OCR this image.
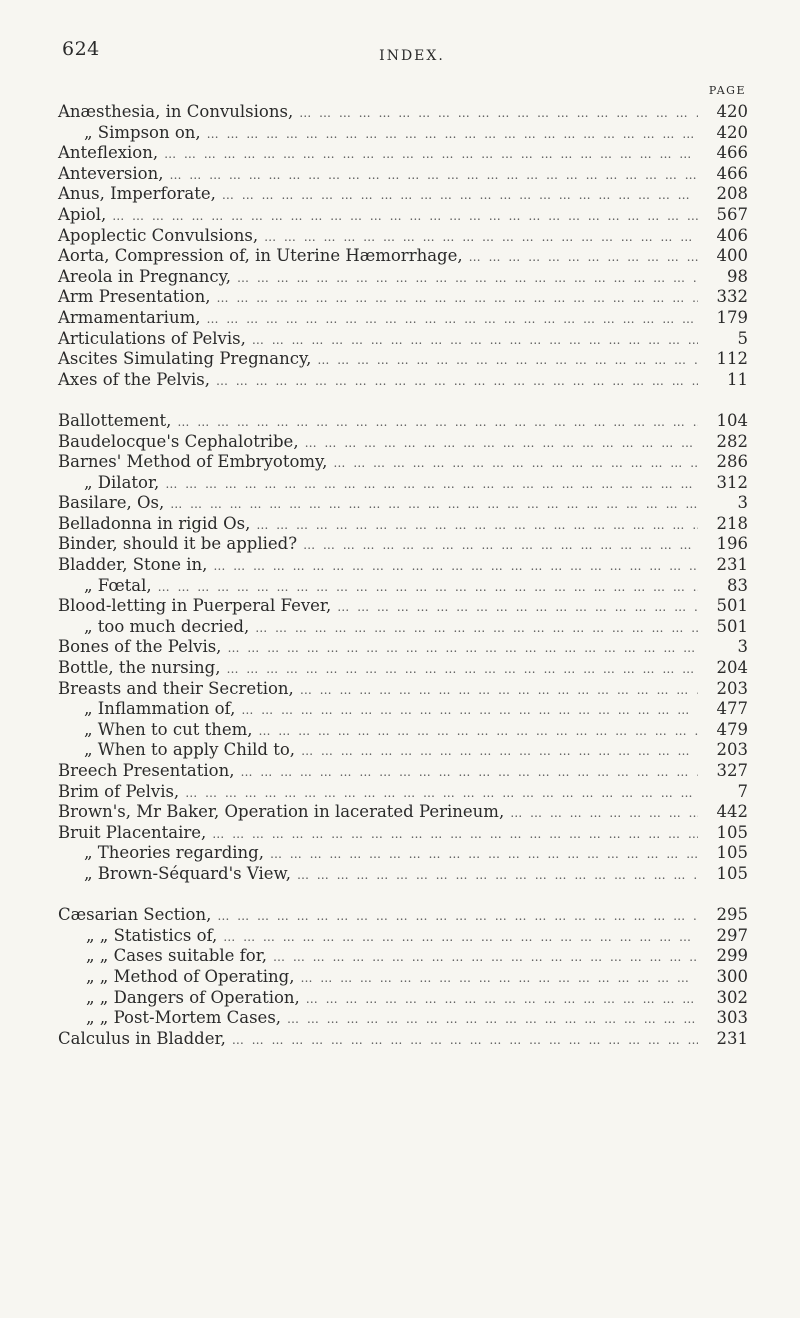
624	INDEX.
PAGE
Anæsthesia, in Convulsions, … … … … … … … … … … … … … … … … … … … … … … … … … … … … … … … … … … … … … … … … … … …	420
„ Simpson on, … … … … … … … … … … … … … … … … … … … … … … … … … … … … … … … … … … … … … … … … … … …	420
Anteflexion, … … … … … … … … … … … … … … … … … … … … … … … … … … … … … … … … … … … … … … … … … … …	466
Anteversion, … … … … … … … … … … … … … … … … … … … … … … … … … … … … … … … … … … … … … … … … … … …	466
Anus, Imperforate, … … … … … … … … … … … … … … … … … … … … … … … … … … … … … … … … … … … … … … … … … … …	208
Apiol, … … … … … … … … … … … … … … … … … … … … … … … … … … … … … … … … … … … … … … … … … … …	567
Apoplectic Convulsions, … … … … … … … … … … … … … … … … … … … … … … … … … … … … … … … … … … … … … … … … … … …	406
Aorta, Compression of, in Uterine Hæmorrhage, … … … … … … … … … … … … … … … … … … … … … … … … … … … … … … … … … … … … … … … … … … …	400
Areola in Pregnancy, … … … … … … … … … … … … … … … … … … … … … … … … … … … … … … … … … … … … … … … … … … …	98
Arm Presentation, … … … … … … … … … … … … … … … … … … … … … … … … … … … … … … … … … … … … … … … … … … …	332
Armamentarium, … … … … … … … … … … … … … … … … … … … … … … … … … … … … … … … … … … … … … … … … … … …	179
Articulations of Pelvis, … … … … … … … … … … … … … … … … … … … … … … … … … … … … … … … … … … … … … … … … … … …	5
Ascites Simulating Pregnancy, … … … … … … … … … … … … … … … … … … … … … … … … … … … … … … … … … … … … … … … … … … …	112
Axes of the Pelvis, … … … … … … … … … … … … … … … … … … … … … … … … … … … … … … … … … … … … … … … … … … …	11
Ballottement, … … … … … … … … … … … … … … … … … … … … … … … … … … … … … … … … … … … … … … … … … … …	104
Baudelocque's Cephalotribe, … … … … … … … … … … … … … … … … … … … … … … … … … … … … … … … … … … … … … … … … … … …	282
Barnes' Method of Embryotomy, … … … … … … … … … … … … … … … … … … … … … … … … … … … … … … … … … … … … … … … … … … …	286
„ Dilator, … … … … … … … … … … … … … … … … … … … … … … … … … … … … … … … … … … … … … … … … … … …	312
Basilare, Os, … … … … … … … … … … … … … … … … … … … … … … … … … … … … … … … … … … … … … … … … … … …	3
Belladonna in rigid Os, … … … … … … … … … … … … … … … … … … … … … … … … … … … … … … … … … … … … … … … … … … …	218
Binder, should it be applied? … … … … … … … … … … … … … … … … … … … … … … … … … … … … … … … … … … … … … … … … … … …	196
Bladder, Stone in, … … … … … … … … … … … … … … … … … … … … … … … … … … … … … … … … … … … … … … … … … … …	231
„ Fœtal, … … … … … … … … … … … … … … … … … … … … … … … … … … … … … … … … … … … … … … … … … … …	83
Blood-letting in Puerperal Fever, … … … … … … … … … … … … … … … … … … … … … … … … … … … … … … … … … … … … … … … … … … …	501
„ too much decried, … … … … … … … … … … … … … … … … … … … … … … … … … … … … … … … … … … … … … … … … … … …	501
Bones of the Pelvis, … … … … … … … … … … … … … … … … … … … … … … … … … … … … … … … … … … … … … … … … … … …	3
Bottle, the nursing, … … … … … … … … … … … … … … … … … … … … … … … … … … … … … … … … … … … … … … … … … … …	204
Breasts and their Secretion, … … … … … … … … … … … … … … … … … … … … … … … … … … … … … … … … … … … … … … … … … … …	203
„ Inflammation of, … … … … … … … … … … … … … … … … … … … … … … … … … … … … … … … … … … … … … … … … … … …	477
„ When to cut them, … … … … … … … … … … … … … … … … … … … … … … … … … … … … … … … … … … … … … … … … … … …	479
„ When to apply Child to, … … … … … … … … … … … … … … … … … … … … … … … … … … … … … … … … … … … … … … … … … … …	203
Breech Presentation, … … … … … … … … … … … … … … … … … … … … … … … … … … … … … … … … … … … … … … … … … … …	327
Brim of Pelvis, … … … … … … … … … … … … … … … … … … … … … … … … … … … … … … … … … … … … … … … … … … …	7
Brown's, Mr Baker, Operation in lacerated Perineum, … … … … … … … … … … … … … … … … … … … … … … … … … … … … … … … … … … … … … … … … … … …	442
Bruit Placentaire, … … … … … … … … … … … … … … … … … … … … … … … … … … … … … … … … … … … … … … … … … … …	105
„ Theories regarding, … … … … … … … … … … … … … … … … … … … … … … … … … … … … … … … … … … … … … … … … … … …	105
„ Brown-Séquard's View, … … … … … … … … … … … … … … … … … … … … … … … … … … … … … … … … … … … … … … … … … … …	105
Cæsarian Section, … … … … … … … … … … … … … … … … … … … … … … … … … … … … … … … … … … … … … … … … … … …	295
„ „ Statistics of, … … … … … … … … … … … … … … … … … … … … … … … … … … … … … … … … … … … … … … … … … … …	297
„ „ Cases suitable for, … … … … … … … … … … … … … … … … … … … … … … … … … … … … … … … … … … … … … … … … … … …	299
„ „ Method of Operating, … … … … … … … … … … … … … … … … … … … … … … … … … … … … … … … … … … … … … … … … … … …	300
„ „ Dangers of Operation, … … … … … … … … … … … … … … … … … … … … … … … … … … … … … … … … … … … … … … … … … … …	302
„ „ Post-Mortem Cases, … … … … … … … … … … … … … … … … … … … … … … … … … … … … … … … … … … … … … … … … … … …	303
Calculus in Bladder, … … … … … … … … … … … … … … … … … … … … … … … … … … … … … … … … … … … … … … … … … … …	231
